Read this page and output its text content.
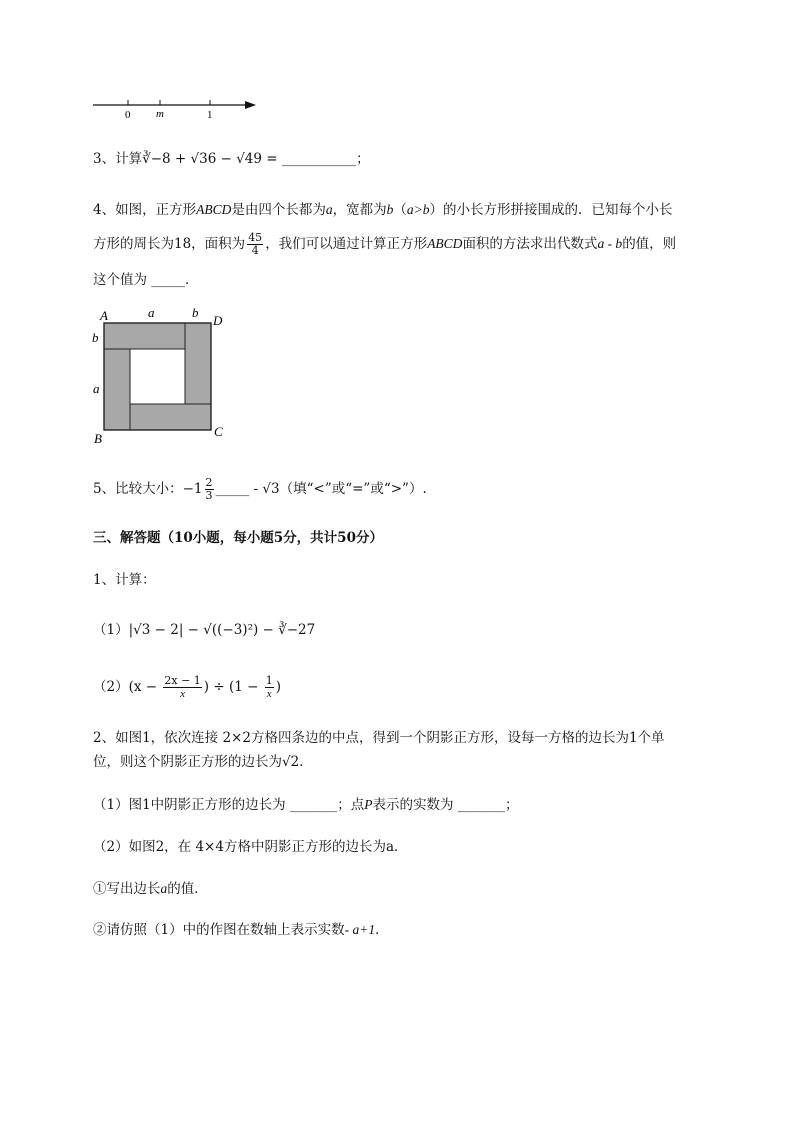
0 m	1
3、计算∛−8 + √36 − √49 = ___________；
4、如图，正方形ABCD是由四个长都为a，宽都为b（a>b）的小长方形拼接围成的．已知每个小长
方形的周长为18，面积为 $\frac{45}{4}$ ，我们可以通过计算正方形ABCD面积的方法求出代数式a - b的值，则
这个值为 _____．
A	D
B	C
a	b
b
a
5、比较大小：$-1 \frac{2}{3}$ _____ - √3（填“<”或“=”或“>”）.
三、解答题（10小题，每小题5分，共计50分）
1、计算：
（1）|√3 − 2| − √((−3)²) − ∛−27
$(2)(x - \frac{2x - 1}{x}$ ) ÷ ($1 - \frac{1}{x}$ )
2、如图1，依次连接 2×2方格四条边的中点，得到一个阴影正方形，设每一方格的边长为1个单
位，则这个阴影正方形的边长为√2．
（1）图1中阴影正方形的边长为 _______；点P表示的实数为 _______；
（2）如图2，在 4×4方格中阴影正方形的边长为a．
①写出边长a的值．
②请仿照（1）中的作图在数轴上表示实数- a+1．
